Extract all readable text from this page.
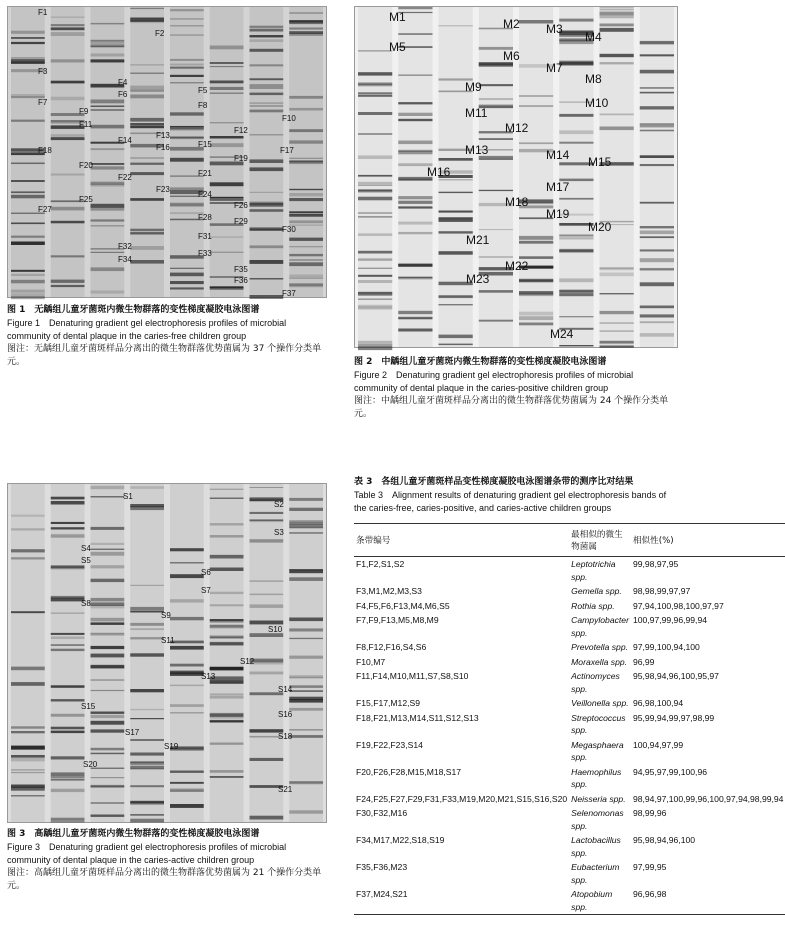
F1
F2
F3
F4
F5
F6
F7	F8
F9
F10
F11
F12
F13
F14	F15
F16	F17
F18
F19
F20
F21
F22
F23
F24
F25
F26
F27
F28	F29
F30
F31
F32
F33
F34
F35
F36
F37
图 1　无龋组儿童牙菌斑内微生物群落的变性梯度凝胶电泳图谱
Figure 1　Denaturing gradient gel electrophoresis profiles of microbial community of dental plaque in the caries-free children group
图注：无龋组儿童牙菌斑样品分离出的微生物群落优势菌属为 37 个操作分类单元。
M1	M2 M3
M4
M5
M6
M7
M8
M9
M10
M11
M12
M13	M14 M15
M16
M17
M18
M19
M20
M21
M22
M23
M24
图 2　中龋组儿童牙菌斑内微生物群落的变性梯度凝胶电泳图谱
Figure 2　Denaturing gradient gel electrophoresis profiles of microbial community of dental plaque in the caries-positive children group
图注：中龋组儿童牙菌斑样品分离出的微生物群落优势菌属为 24 个操作分类单元。
S1
S2
S3
S4
S5
S6
S7
S8
S9
S10
S11
S12
S13
S14
S15
S16
S17	S18
S19
S20
S21
图 3　高龋组儿童牙菌斑内微生物群落的变性梯度凝胶电泳图谱
Figure 3　Denaturing gradient gel electrophoresis profiles of microbial community of dental plaque in the caries-active children group
图注：高龋组儿童牙菌斑样品分离出的微生物群落优势菌属为 21 个操作分类单元。
表 3　各组儿童牙菌斑样品变性梯度凝胶电泳图谱条带的测序比对结果
Table 3　Alignment results of denaturing gradient gel electrophoresis bands of the caries-free, caries-positive, and caries-active children groups
条带编号	最相似的微生物菌属	相似性(%)
F1,F2,S1,S2	Leptotrichia spp.	99,98,97,95
F3,M1,M2,M3,S3	Gemella spp.	98,98,99,97,97
F4,F5,F6,F13,M4,M6,S5	Rothia spp.	97,94,100,98,100,97,97
F7,F9,F13,M5,M8,M9	Campylobacter spp.	100,97,99,96,99,94
F8,F12,F16,S4,S6	Prevotella spp.	97,99,100,94,100
F10,M7	Moraxella spp.	96,99
F11,F14,M10,M11,S7,S8,S10	Actinomyces spp.	95,98,94,96,100,95,97
F15,F17,M12,S9	Veillonella spp.	96,98,100,94
F18,F21,M13,M14,S11,S12,S13	Streptococcus spp.	95,99,94,99,97,98,99
F19,F22,F23,S14	Megasphaera spp.	100,94,97,99
F20,F26,F28,M15,M18,S17	Haemophilus spp.	94,95,97,99,100,96
F24,F25,F27,F29,F31,F33,M19,M20,M21,S15,S16,S20	Neisseria spp.	98,94,97,100,99,96,100,97,94,98,99,94
F30,F32,M16	Selenomonas spp.	98,99,96
F34,M17,M22,S18,S19	Lactobacillus spp.	95,98,94,96,100
F35,F36,M23	Eubacterium spp.	97,99,95
F37,M24,S21	Atopobium spp.	96,96,98
